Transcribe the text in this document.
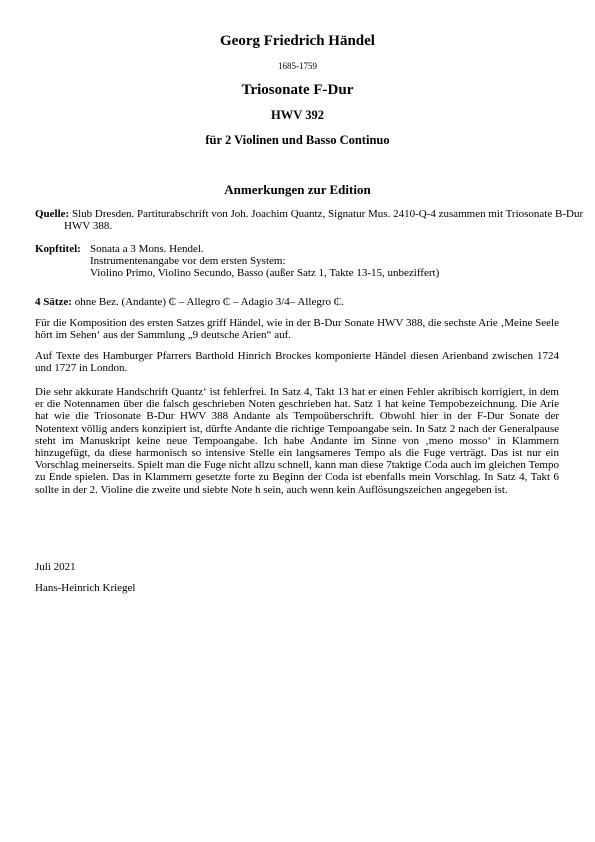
Georg Friedrich Händel
1685-1759
Triosonate F-Dur
HWV 392
für 2 Violinen und Basso Continuo
Anmerkungen zur Edition
Quelle: Slub Dresden. Partiturabschrift von Joh. Joachim Quantz, Signatur Mus. 2410-Q-4 zusammen mit Triosonate B-Dur HWV 388.
Kopftitel: Sonata a 3 Mons. Hendel.
Instrumentenangabe vor dem ersten System:
Violino Primo, Violino Secundo, Basso (außer Satz 1, Takte 13-15, unbeziffert)
4 Sätze: ohne Bez. (Andante) ₵ – Allegro ₵ – Adagio 3/4– Allegro ₵.

Für die Komposition des ersten Satzes griff Händel, wie in der B-Dur Sonate HWV 388, die sechste Arie ‚Meine Seele hört im Sehen‘ aus der Sammlung „9 deutsche Arien“ auf.

Auf Texte des Hamburger Pfarrers Barthold Hinrich Brockes komponierte Händel diesen Arienband zwischen 1724 und 1727 in London.

Die sehr akkurate Handschrift Quantz‘ ist fehlerfrei. In Satz 4, Takt 13 hat er einen Fehler akribisch korrigiert, in dem er die Notennamen über die falsch geschrieben Noten geschrieben hat. Satz 1 hat keine Tempobezeichnung. Die Arie hat wie die Triosonate B-Dur HWV 388 Andante als Tempoüberschrift. Obwohl hier in der F-Dur Sonate der Notentext völlig anders konzipiert ist, dürfte Andante die richtige Tempoangabe sein. In Satz 2 nach der Generalpause steht im Manuskript keine neue Tempoangabe. Ich habe Andante im Sinne von ‚meno mosso‘ in Klammern hinzugefügt, da diese harmonisch so intensive Stelle ein langsameres Tempo als die Fuge verträgt. Das ist nur ein Vorschlag meinerseits. Spielt man die Fuge nicht allzu schnell, kann man diese 7taktige Coda auch im gleichen Tempo zu Ende spielen. Das in Klammern gesetzte forte zu Beginn der Coda ist ebenfalls mein Vorschlag. In Satz 4, Takt 6 sollte in der 2. Violine die zweite und siebte Note h sein, auch wenn kein Auflösungszeichen angegeben ist.

Juli 2021
Hans-Heinrich Kriegel
